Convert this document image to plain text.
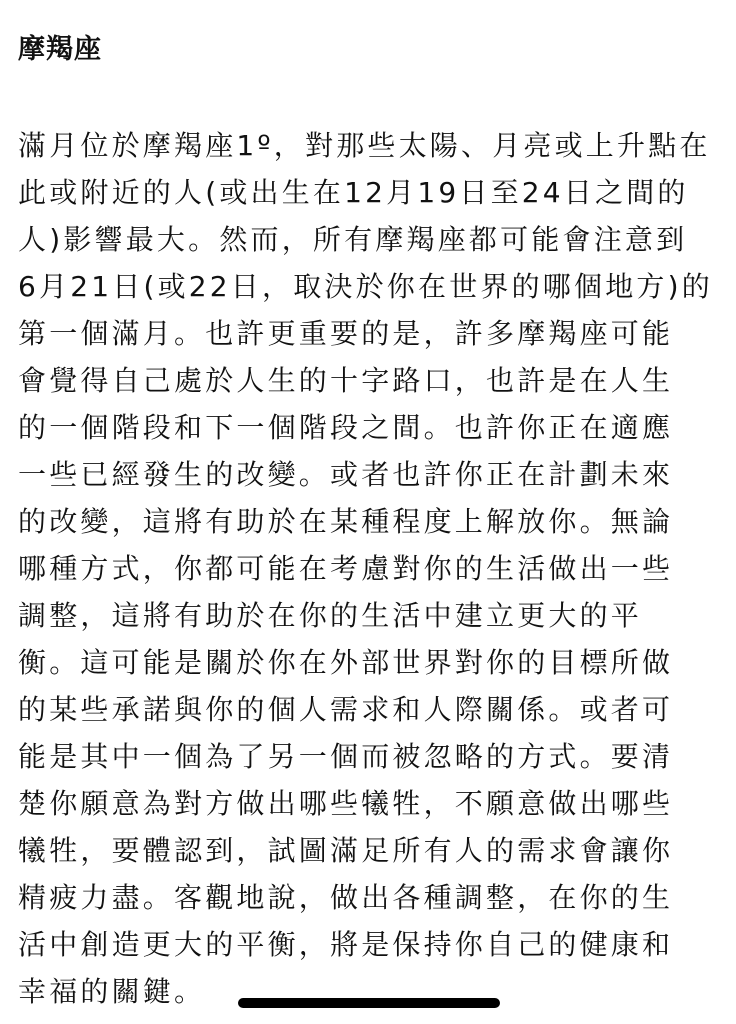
摩羯座
滿月位於摩羯座1º，對那些太陽、月亮或上升點在
此或附近的人(或出生在12月19日至24日之間的
人)影響最大。然而，所有摩羯座都可能會注意到
6月21日(或22日，取決於你在世界的哪個地方)的
第一個滿月。也許更重要的是，許多摩羯座可能
會覺得自己處於人生的十字路口，也許是在人生
的一個階段和下一個階段之間。也許你正在適應
一些已經發生的改變。或者也許你正在計劃未來
的改變，這將有助於在某種程度上解放你。無論
哪種方式，你都可能在考慮對你的生活做出一些
調整，這將有助於在你的生活中建立更大的平
衡。這可能是關於你在外部世界對你的目標所做
的某些承諾與你的個人需求和人際關係。或者可
能是其中一個為了另一個而被忽略的方式。要清
楚你願意為對方做出哪些犧牲，不願意做出哪些
犧牲，要體認到，試圖滿足所有人的需求會讓你
精疲力盡。客觀地說，做出各種調整，在你的生
活中創造更大的平衡，將是保持你自己的健康和
幸福的關鍵。
